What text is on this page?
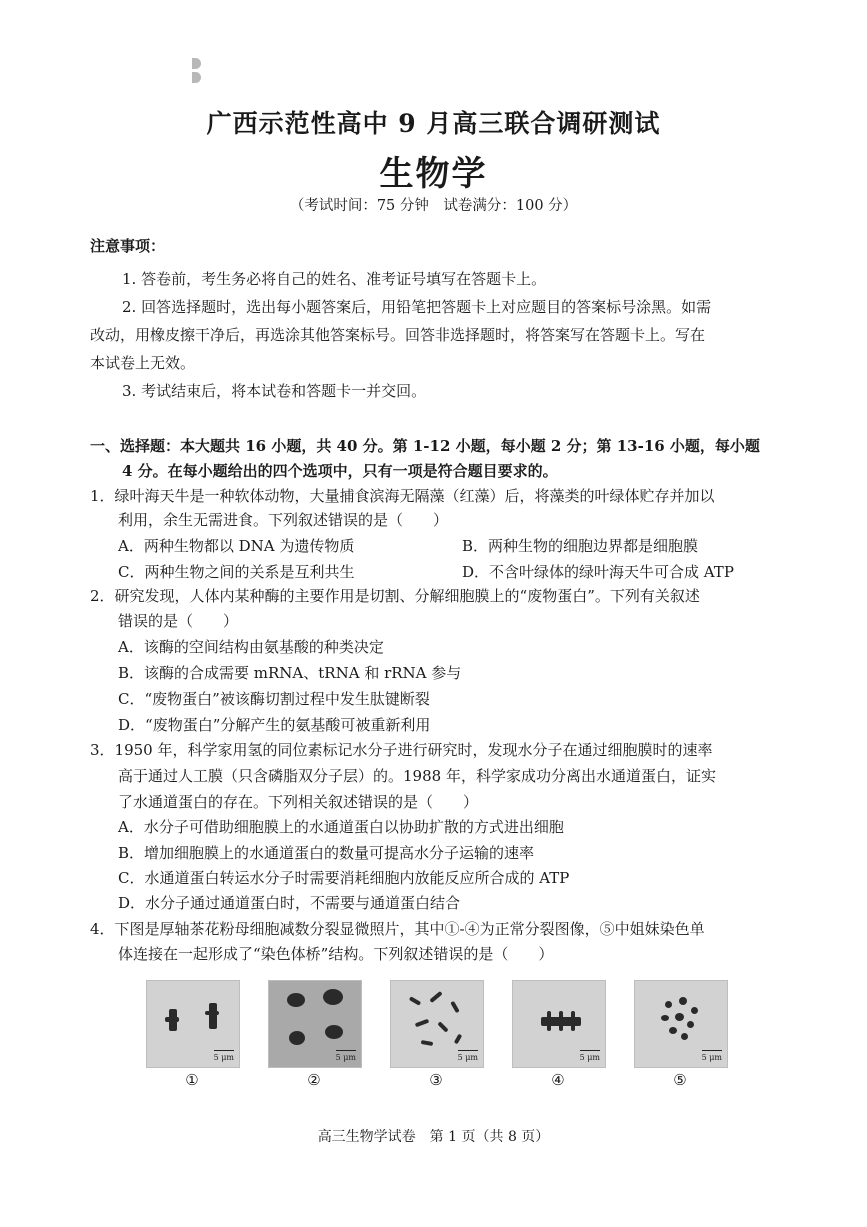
广西示范性高中 9 月高三联合调研测试
生物学
（考试时间：75 分钟　试卷满分：100 分）
注意事项：
1. 答卷前，考生务必将自己的姓名、准考证号填写在答题卡上。
2. 回答选择题时，选出每小题答案后，用铅笔把答题卡上对应题目的答案标号涂黑。如需
改动，用橡皮擦干净后，再选涂其他答案标号。回答非选择题时，将答案写在答题卡上。写在
本试卷上无效。
3. 考试结束后，将本试卷和答题卡一并交回。
一、选择题：本大题共 16 小题，共 40 分。第 1-12 小题，每小题 2 分；第 13-16 小题，每小题
4 分。在每小题给出的四个选项中，只有一项是符合题目要求的。
1．绿叶海天牛是一种软体动物，大量捕食滨海无隔藻（红藻）后，将藻类的叶绿体贮存并加以
利用，余生无需进食。下列叙述错误的是（　　）
A．两种生物都以 DNA 为遗传物质	B．两种生物的细胞边界都是细胞膜
C．两种生物之间的关系是互利共生	D．不含叶绿体的绿叶海天牛可合成 ATP
2．研究发现，人体内某种酶的主要作用是切割、分解细胞膜上的“废物蛋白”。下列有关叙述
错误的是（　　）
A．该酶的空间结构由氨基酸的种类决定
B．该酶的合成需要 mRNA、tRNA 和 rRNA 参与
C．“废物蛋白”被该酶切割过程中发生肽键断裂
D．“废物蛋白”分解产生的氨基酸可被重新利用
3．1950 年，科学家用氢的同位素标记水分子进行研究时，发现水分子在通过细胞膜时的速率
高于通过人工膜（只含磷脂双分子层）的。1988 年，科学家成功分离出水通道蛋白，证实
了水通道蛋白的存在。下列相关叙述错误的是（　　）
A．水分子可借助细胞膜上的水通道蛋白以协助扩散的方式进出细胞
B．增加细胞膜上的水通道蛋白的数量可提高水分子运输的速率
C．水通道蛋白转运水分子时需要消耗细胞内放能反应所合成的 ATP
D．水分子通过通道蛋白时，不需要与通道蛋白结合
4．下图是厚轴茶花粉母细胞减数分裂显微照片，其中①-④为正常分裂图像，⑤中姐妹染色单
体连接在一起形成了“染色体桥”结构。下列叙述错误的是（　　）
5 μm	5 μm	5 μm	5 μm	5 μm
①	②	③	④	⑤
高三生物学试卷　第 1 页（共 8 页）
